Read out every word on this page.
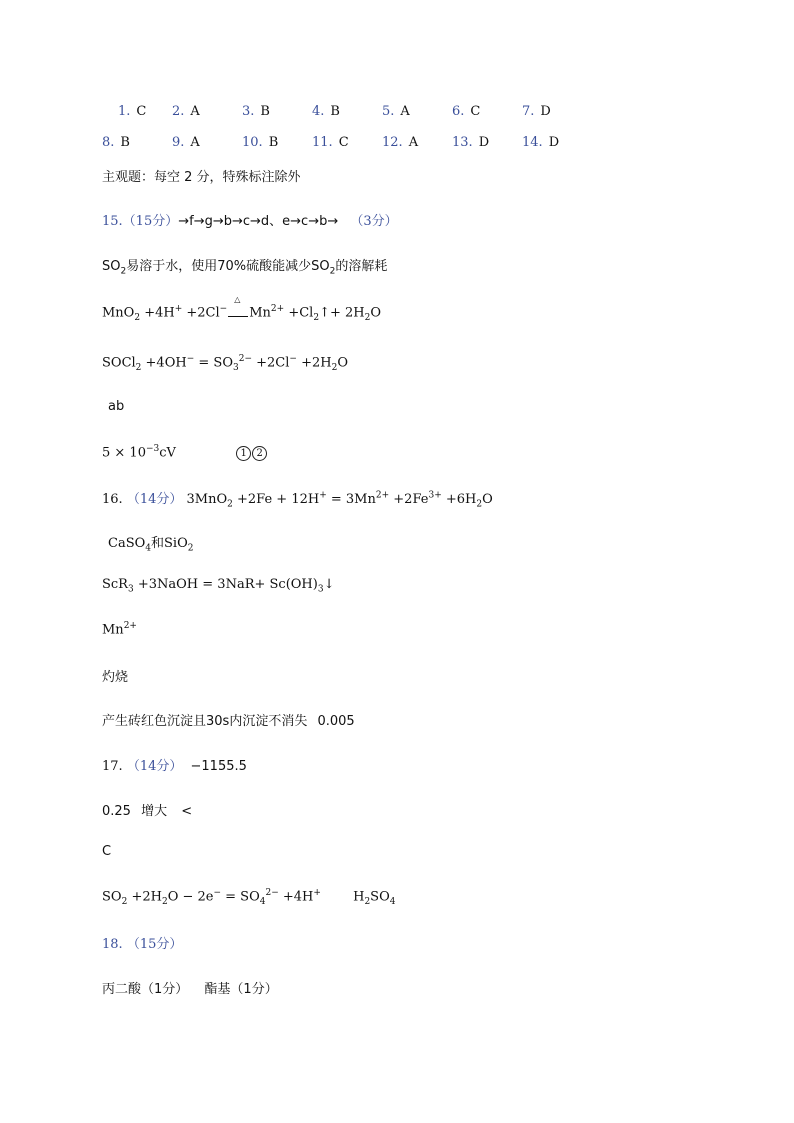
1. C 2. A	3. B	4. B	5. A	6. C	7. D
8. B	9. A	10. B	11. C	12. A	13. D	14. D
主观题：每空 2 分，特殊标注除外
15.（15分）→f→g→b→c→d、e→c→b→ （3分）
$SO_2$易溶于水，使用70%硫酸能减少$SO_2$的溶解耗
MnO$_2$ +4H+ +2Cl−
△
$Mn^{2+}$ $+Cl_2↑+ 2H_2O$
SOCl$_2$ $+4OH^- = SO_3^{2-} +2Cl^- +2H_2O$
ab
$5 \times 10^{-3}cV$	1 2
16. （14分） $3MnO_2 +2Fe + 12H^+ = 3Mn^{2+} +2Fe^{3+} +6H_2O$
CaSO$_4$和SiO$_2$
ScR$_3$ +3NaOH = $3NaR+ Sc(OH)_3↓$
$Mn^{2+}$
灼烧
产生砖红色沉淀且30s内沉淀不消失 0.005
17. （14分） −1155.5
0.25 增大 <
C
$SO_2 +2H_2O - 2e^- = SO_4^{2-} +4H^+$ $H_2SO_4$
18. （15分）
丙二酸（1分） 酯基（1分）
